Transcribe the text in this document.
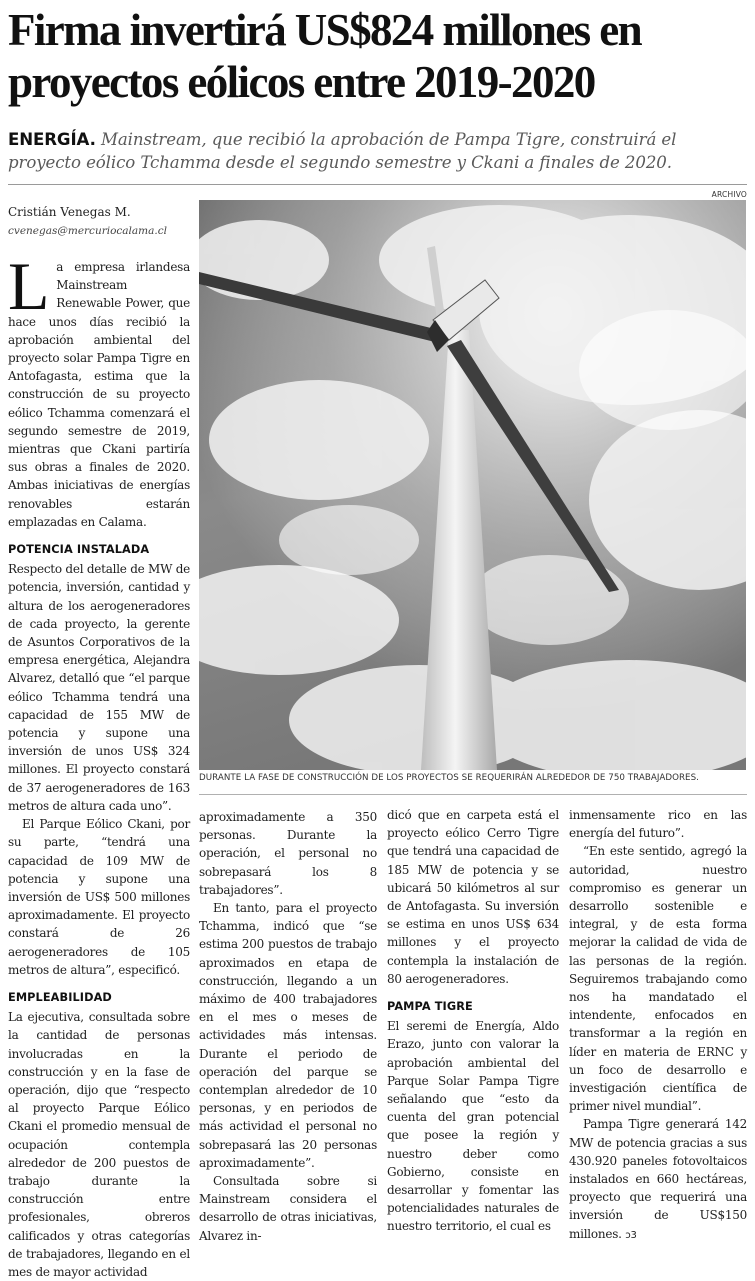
Firma invertirá US$824 millones en proyectos eólicos entre 2019-2020
ENERGÍA. Mainstream, que recibió la aprobación de Pampa Tigre, construirá el proyecto eólico Tchamma desde el segundo semestre y Ckani a finales de 2020.
ARCHIVO
DURANTE LA FASE DE CONSTRUCCIÓN DE LOS PROYECTOS SE REQUERIRÁN ALREDEDOR DE 750 TRABAJADORES.
Cristián Venegas M.
cvenegas@mercuriocalama.cl

La empresa irlandesa Mainstream Renewable Power, que hace unos días recibió la aprobación ambiental del proyecto solar Pampa Tigre en Antofagasta, estima que la construcción de su proyecto eólico Tchamma comenzará el segundo semestre de 2019, mientras que Ckani partiría sus obras a finales de 2020. Ambas iniciativas de energías renovables estarán emplazadas en Calama.

POTENCIA INSTALADA

Respecto del detalle de MW de potencia, inversión, cantidad y altura de los aerogeneradores de cada proyecto, la gerente de Asuntos Corporativos de la empresa energética, Alejandra Alvarez, detalló que “el parque eólico Tchamma tendrá una capacidad de 155 MW de potencia y supone una inversión de unos US$ 324 millones. El proyecto constará de 37 aerogeneradores de 163 metros de altura cada uno”.

El Parque Eólico Ckani, por su parte, “tendrá una capacidad de 109 MW de potencia y supone una inversión de US$ 500 millones aproximadamente. El proyecto constará de 26 aerogeneradores de 105 metros de altura”, especificó.

EMPLEABILIDAD

La ejecutiva, consultada sobre la cantidad de personas involucradas en la construcción y en la fase de operación, dijo que “respecto al proyecto Parque Eólico Ckani el promedio mensual de ocupación contempla alrededor de 200 puestos de trabajo durante la construcción entre profesionales, obreros calificados y otras categorías de trabajadores, llegando en el mes de mayor actividad

aproximadamente a 350 personas. Durante la operación, el personal no sobrepasará los 8 trabajadores”.

En tanto, para el proyecto Tchamma, indicó que “se estima 200 puestos de trabajo aproximados en etapa de construcción, llegando a un máximo de 400 trabajadores en el mes o meses de actividades más intensas. Durante el periodo de operación del parque se contemplan alrededor de 10 personas, y en periodos de más actividad el personal no sobrepasará las 20 personas aproximadamente”.

Consultada sobre si Mainstream considera el desarrollo de otras iniciativas, Alvarez in-

dicó que en carpeta está el proyecto eólico Cerro Tigre que tendrá una capacidad de 185 MW de potencia y se ubicará 50 kilómetros al sur de Antofagasta. Su inversión se estima en unos US$ 634 millones y el proyecto contempla la instalación de 80 aerogeneradores.

PAMPA TIGRE

El seremi de Energía, Aldo Erazo, junto con valorar la aprobación ambiental del Parque Solar Pampa Tigre señalando que “esto da cuenta del gran potencial que posee la región y nuestro deber como Gobierno, consiste en desarrollar y fomentar las potencialidades naturales de nuestro territorio, el cual es

inmensamente rico en las energía del futuro”.

“En este sentido, agregó la autoridad, nuestro compromiso es generar un desarrollo sostenible e integral, y de esta forma mejorar la calidad de vida de las personas de la región. Seguiremos trabajando como nos ha mandatado el intendente, enfocados en transformar a la región en líder en materia de ERNC y un foco de desarrollo e investigación científica de primer nivel mundial”.

Pampa Tigre generará 142 MW de potencia gracias a sus 430.920 paneles fotovoltaicos instalados en 660 hectáreas, proyecto que requerirá una inversión de US$150 millones. ↄ3
